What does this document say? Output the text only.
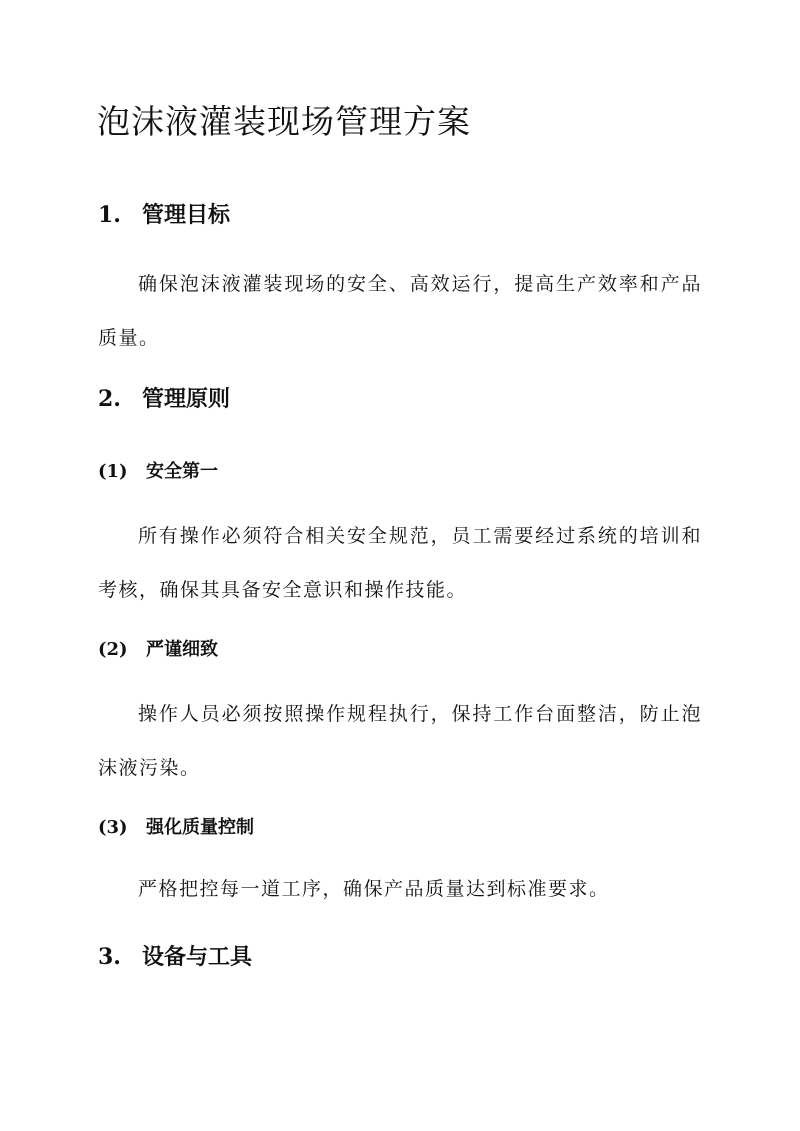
泡沫液灌装现场管理方案
1. 管理目标

确保泡沫液灌装现场的安全、高效运行，提高生产效率和产品质量。

2. 管理原则
(1) 安全第一

所有操作必须符合相关安全规范，员工需要经过系统的培训和考核，确保其具备安全意识和操作技能。

(2) 严谨细致

操作人员必须按照操作规程执行，保持工作台面整洁，防止泡沫液污染。

(3) 强化质量控制

严格把控每一道工序，确保产品质量达到标准要求。

3. 设备与工具
